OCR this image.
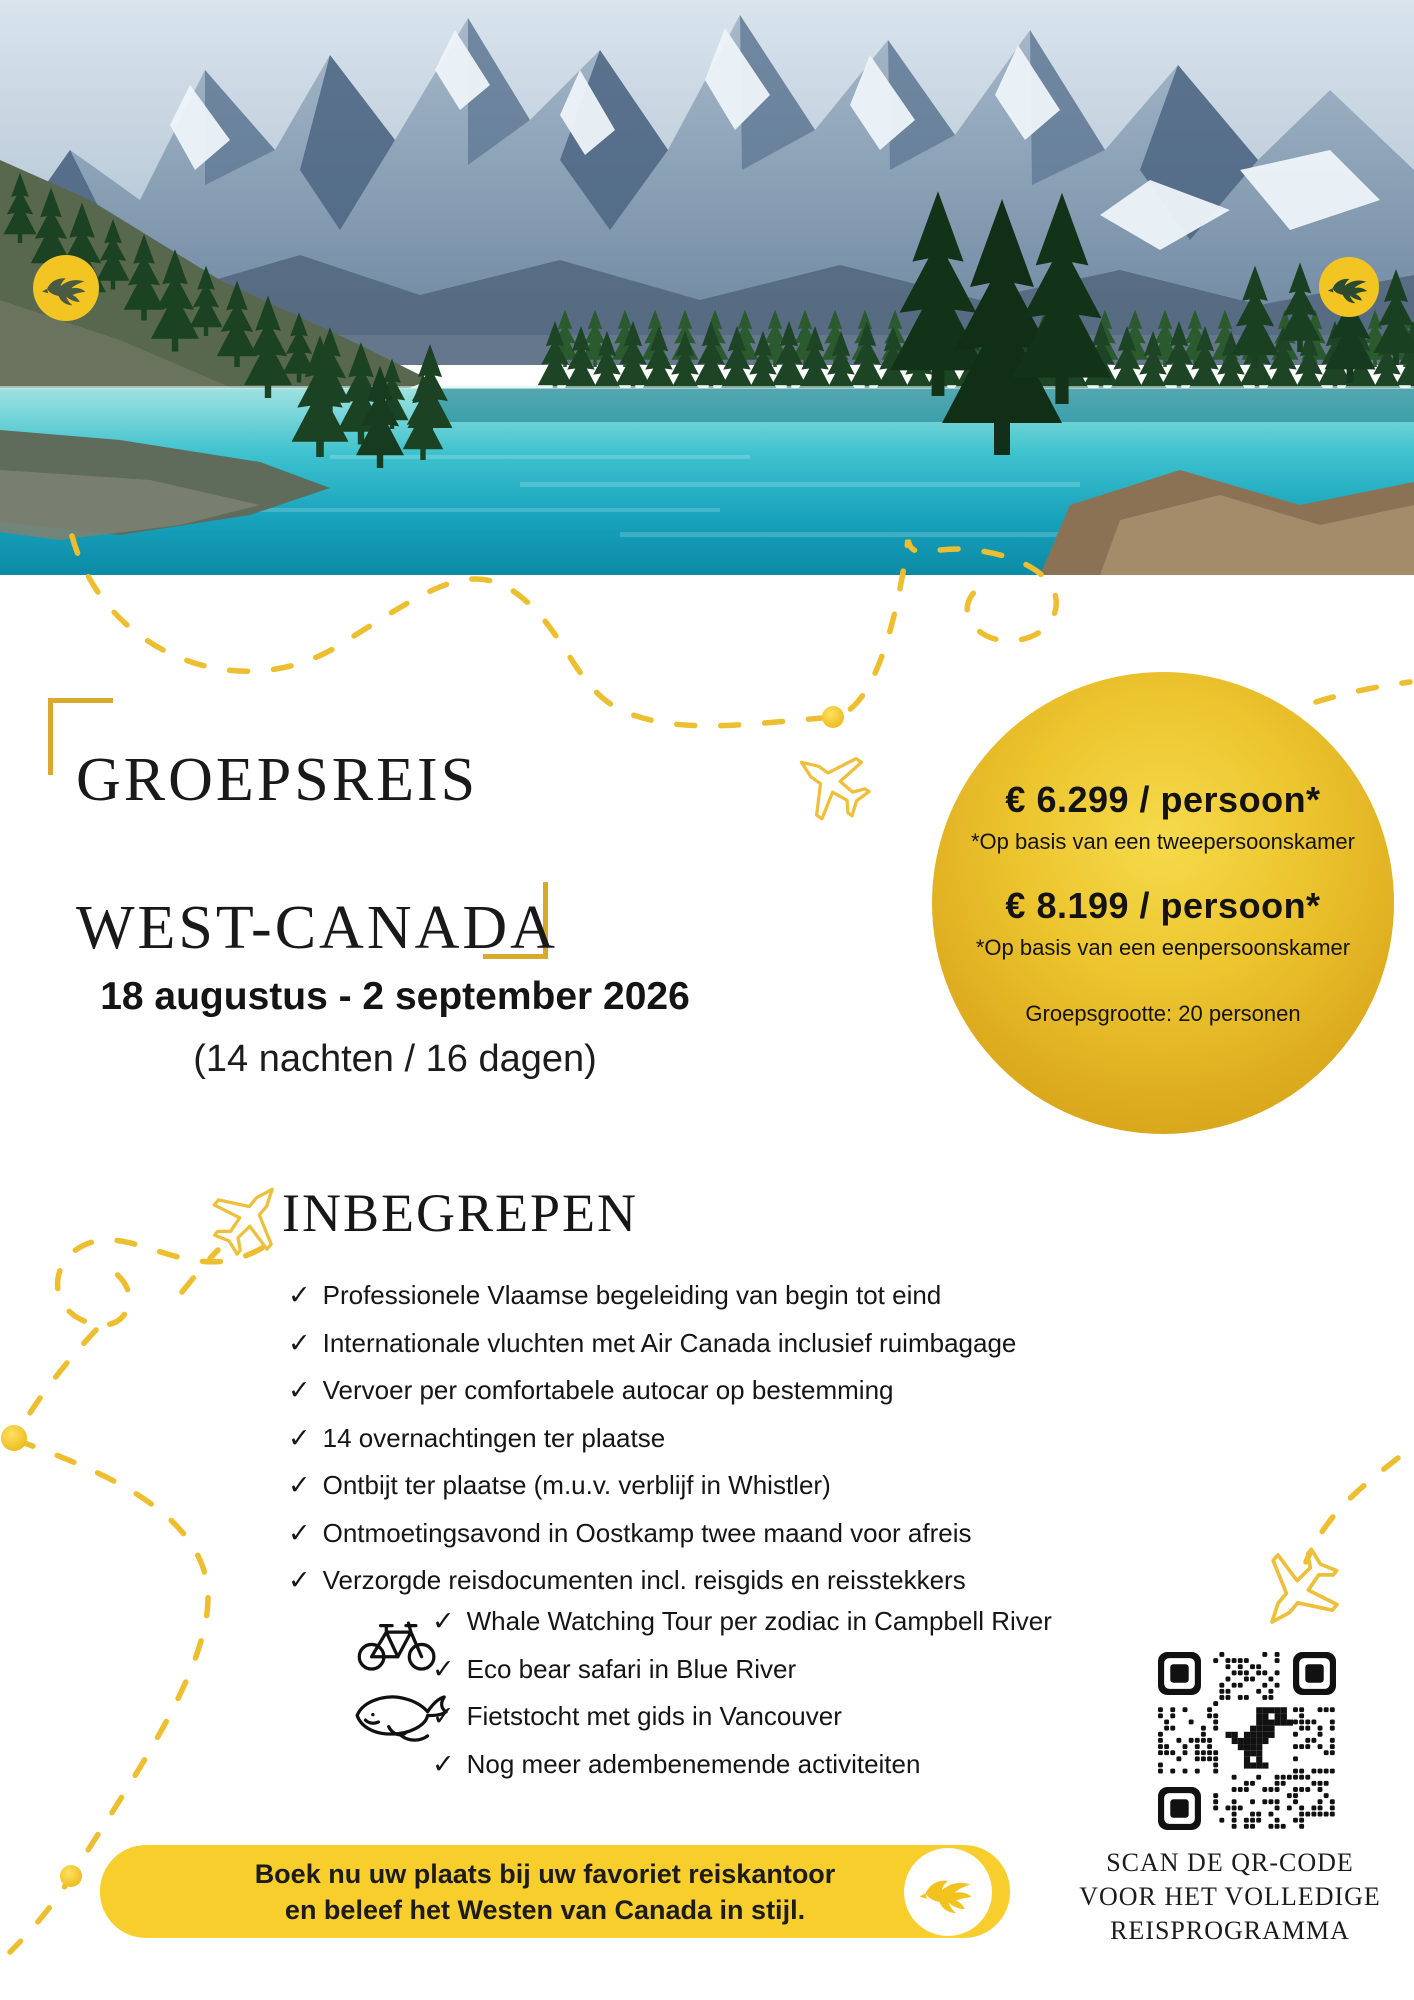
GROEPSREIS
WEST-CANADA
18 augustus - 2 september 2026
(14 nachten / 16 dagen)
€ 6.299 / persoon*
*Op basis van een tweepersoonskamer
€ 8.199 / persoon*
*Op basis van een eenpersoonskamer
Groepsgrootte: 20 personen
INBEGREPEN
✓ Professionele Vlaamse begeleiding van begin tot eind
✓ Internationale vluchten met Air Canada inclusief ruimbagage
✓ Vervoer per comfortabele autocar op bestemming
✓ 14 overnachtingen ter plaatse
✓ Ontbijt ter plaatse (m.u.v. verblijf in Whistler)
✓ Ontmoetingsavond in Oostkamp twee maand voor afreis
✓ Verzorgde reisdocumenten incl. reisgids en reisstekkers
✓ Whale Watching Tour per zodiac in Campbell River
✓ Eco bear safari in Blue River
✓ Fietstocht met gids in Vancouver
✓ Nog meer adembenemende activiteiten
SCAN DE QR-CODE
VOOR HET VOLLEDIGE
REISPROGRAMMA
Boek nu uw plaats bij uw favoriet reiskantoor
en beleef het Westen van Canada in stijl.
